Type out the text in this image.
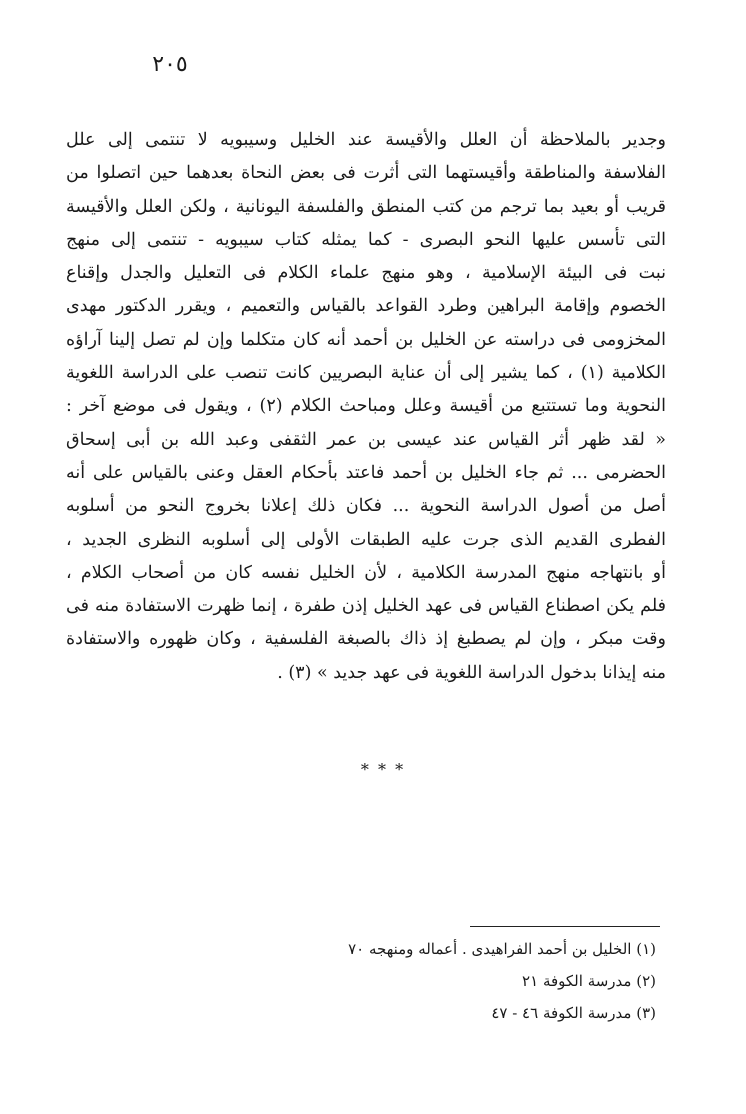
٢٠٥
وجدير بالملاحظة أن العلل والأقيسة عند الخليل وسيبويه لا تنتمى إلى علل
الفلاسفة والمناطقة وأقيستهما التى أثرت فى بعض النحاة بعدهما حين اتصلوا من
قريب أو بعيد بما ترجم من كتب المنطق والفلسفة اليونانية ، ولكن العلل والأقيسة
التى تأسس عليها النحو البصرى - كما يمثله كتاب سيبويه - تنتمى إلى منهج
نبت فى البيئة الإسلامية ، وهو منهج علماء الكلام فى التعليل والجدل وإقناع
الخصوم وإقامة البراهين وطرد القواعد بالقياس والتعميم ، ويقرر الدكتور مهدى
المخزومى فى دراسته عن الخليل بن أحمد أنه كان متكلما وإن لم تصل إلينا آراؤه
الكلامية (١) ، كما يشير إلى أن عناية البصريين كانت تنصب على الدراسة اللغوية
النحوية وما تستتبع من أقيسة وعلل ومباحث الكلام (٢) ، ويقول فى موضع آخر :
« لقد ظهر أثر القياس عند عيسى بن عمر الثقفى وعبد الله بن أبى إسحاق
الحضرمى ... ثم جاء الخليل بن أحمد فاعتد بأحكام العقل وعنى بالقياس على أنه
أصل من أصول الدراسة النحوية ... فكان ذلك إعلانا بخروج النحو من أسلوبه
الفطرى القديم الذى جرت عليه الطبقات الأولى إلى أسلوبه النظرى الجديد ،
أو بانتهاجه منهج المدرسة الكلامية ، لأن الخليل نفسه كان من أصحاب الكلام ،
فلم يكن اصطناع القياس فى عهد الخليل إذن طفرة ، إنما ظهرت الاستفادة منه فى
وقت مبكر ، وإن لم يصطبغ إذ ذاك بالصبغة الفلسفية ، وكان ظهوره والاستفادة
منه إيذانا بدخول الدراسة اللغوية فى عهد جديد » (٣) .
* * *
(١) الخليل بن أحمد الفراهيدى . أعماله ومنهجه ٧٠
(٢) مدرسة الكوفة ٢١
(٣) مدرسة الكوفة ٤٦ - ٤٧
